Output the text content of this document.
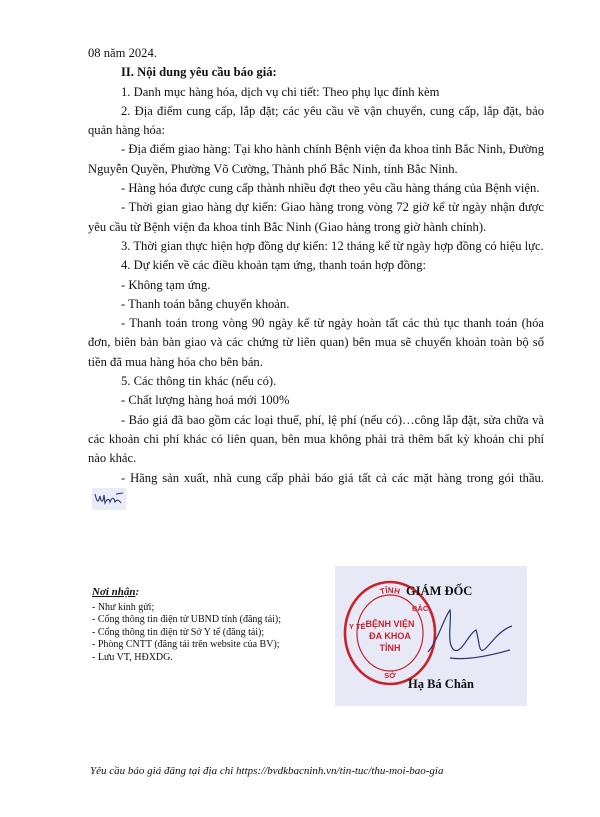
08 năm 2024.

II. Nội dung yêu cầu báo giá:

1. Danh mục hàng hóa, dịch vụ chi tiết: Theo phụ lục đính kèm

2. Địa điểm cung cấp, lắp đặt; các yêu cầu về vận chuyển, cung cấp, lắp đặt, bảo quản hàng hóa:

- Địa điểm giao hàng: Tại kho hành chính Bệnh viện đa khoa tỉnh Bắc Ninh, Đường Nguyễn Quyền, Phường Võ Cường, Thành phố Bắc Ninh, tỉnh Bắc Ninh.

- Hàng hóa được cung cấp thành nhiều đợt theo yêu cầu hàng tháng của Bệnh viện.

- Thời gian giao hàng dự kiến: Giao hàng trong vòng 72 giờ kể từ ngày nhận được yêu cầu từ Bệnh viện đa khoa tỉnh Bắc Ninh (Giao hàng trong giờ hành chính).

3. Thời gian thực hiện hợp đồng dự kiến: 12 tháng kể từ ngày hợp đồng có hiệu lực.

4. Dự kiến về các điều khoản tạm ứng, thanh toán hợp đồng:

- Không tạm ứng.

- Thanh toán bằng chuyển khoản.

- Thanh toán trong vòng 90 ngày kể từ ngày hoàn tất các thủ tục thanh toán (hóa đơn, biên bản bàn giao và các chứng từ liên quan) bên mua sẽ chuyển khoản toàn bộ số tiền đã mua hàng hóa cho bên bán.

5. Các thông tin khác (nếu có).

- Chất lượng hàng hoá mới 100%

- Báo giá đã bao gồm các loại thuế, phí, lệ phí (nếu có)…công lắp đặt, sửa chữa và các khoản chi phí khác có liên quan, bên mua không phải trả thêm bất kỳ khoản chi phí nào khác.

- Hãng sản xuất, nhà cung cấp phải báo giá tất cả các mặt hàng trong gói thầu.

Nơi nhận:
- Như kính gửi;
- Cổng thông tin điện tử UBND tỉnh (đăng tải);
- Cổng thông tin điện tử Sở Y tế (đăng tải);
- Phòng CNTT (đăng tải trên website của BV);
- Lưu VT, HĐXDG.
TỈNH
Y TẾ
BẮC
SỞ
BỆNH VIỆN
ĐA KHOA
TỈNH
GIÁM ĐỐC
Hạ Bá Chân
Yêu cầu báo giá đăng tại địa chỉ https://bvdkbacninh.vn/tin-tuc/thu-moi-bao-gia
